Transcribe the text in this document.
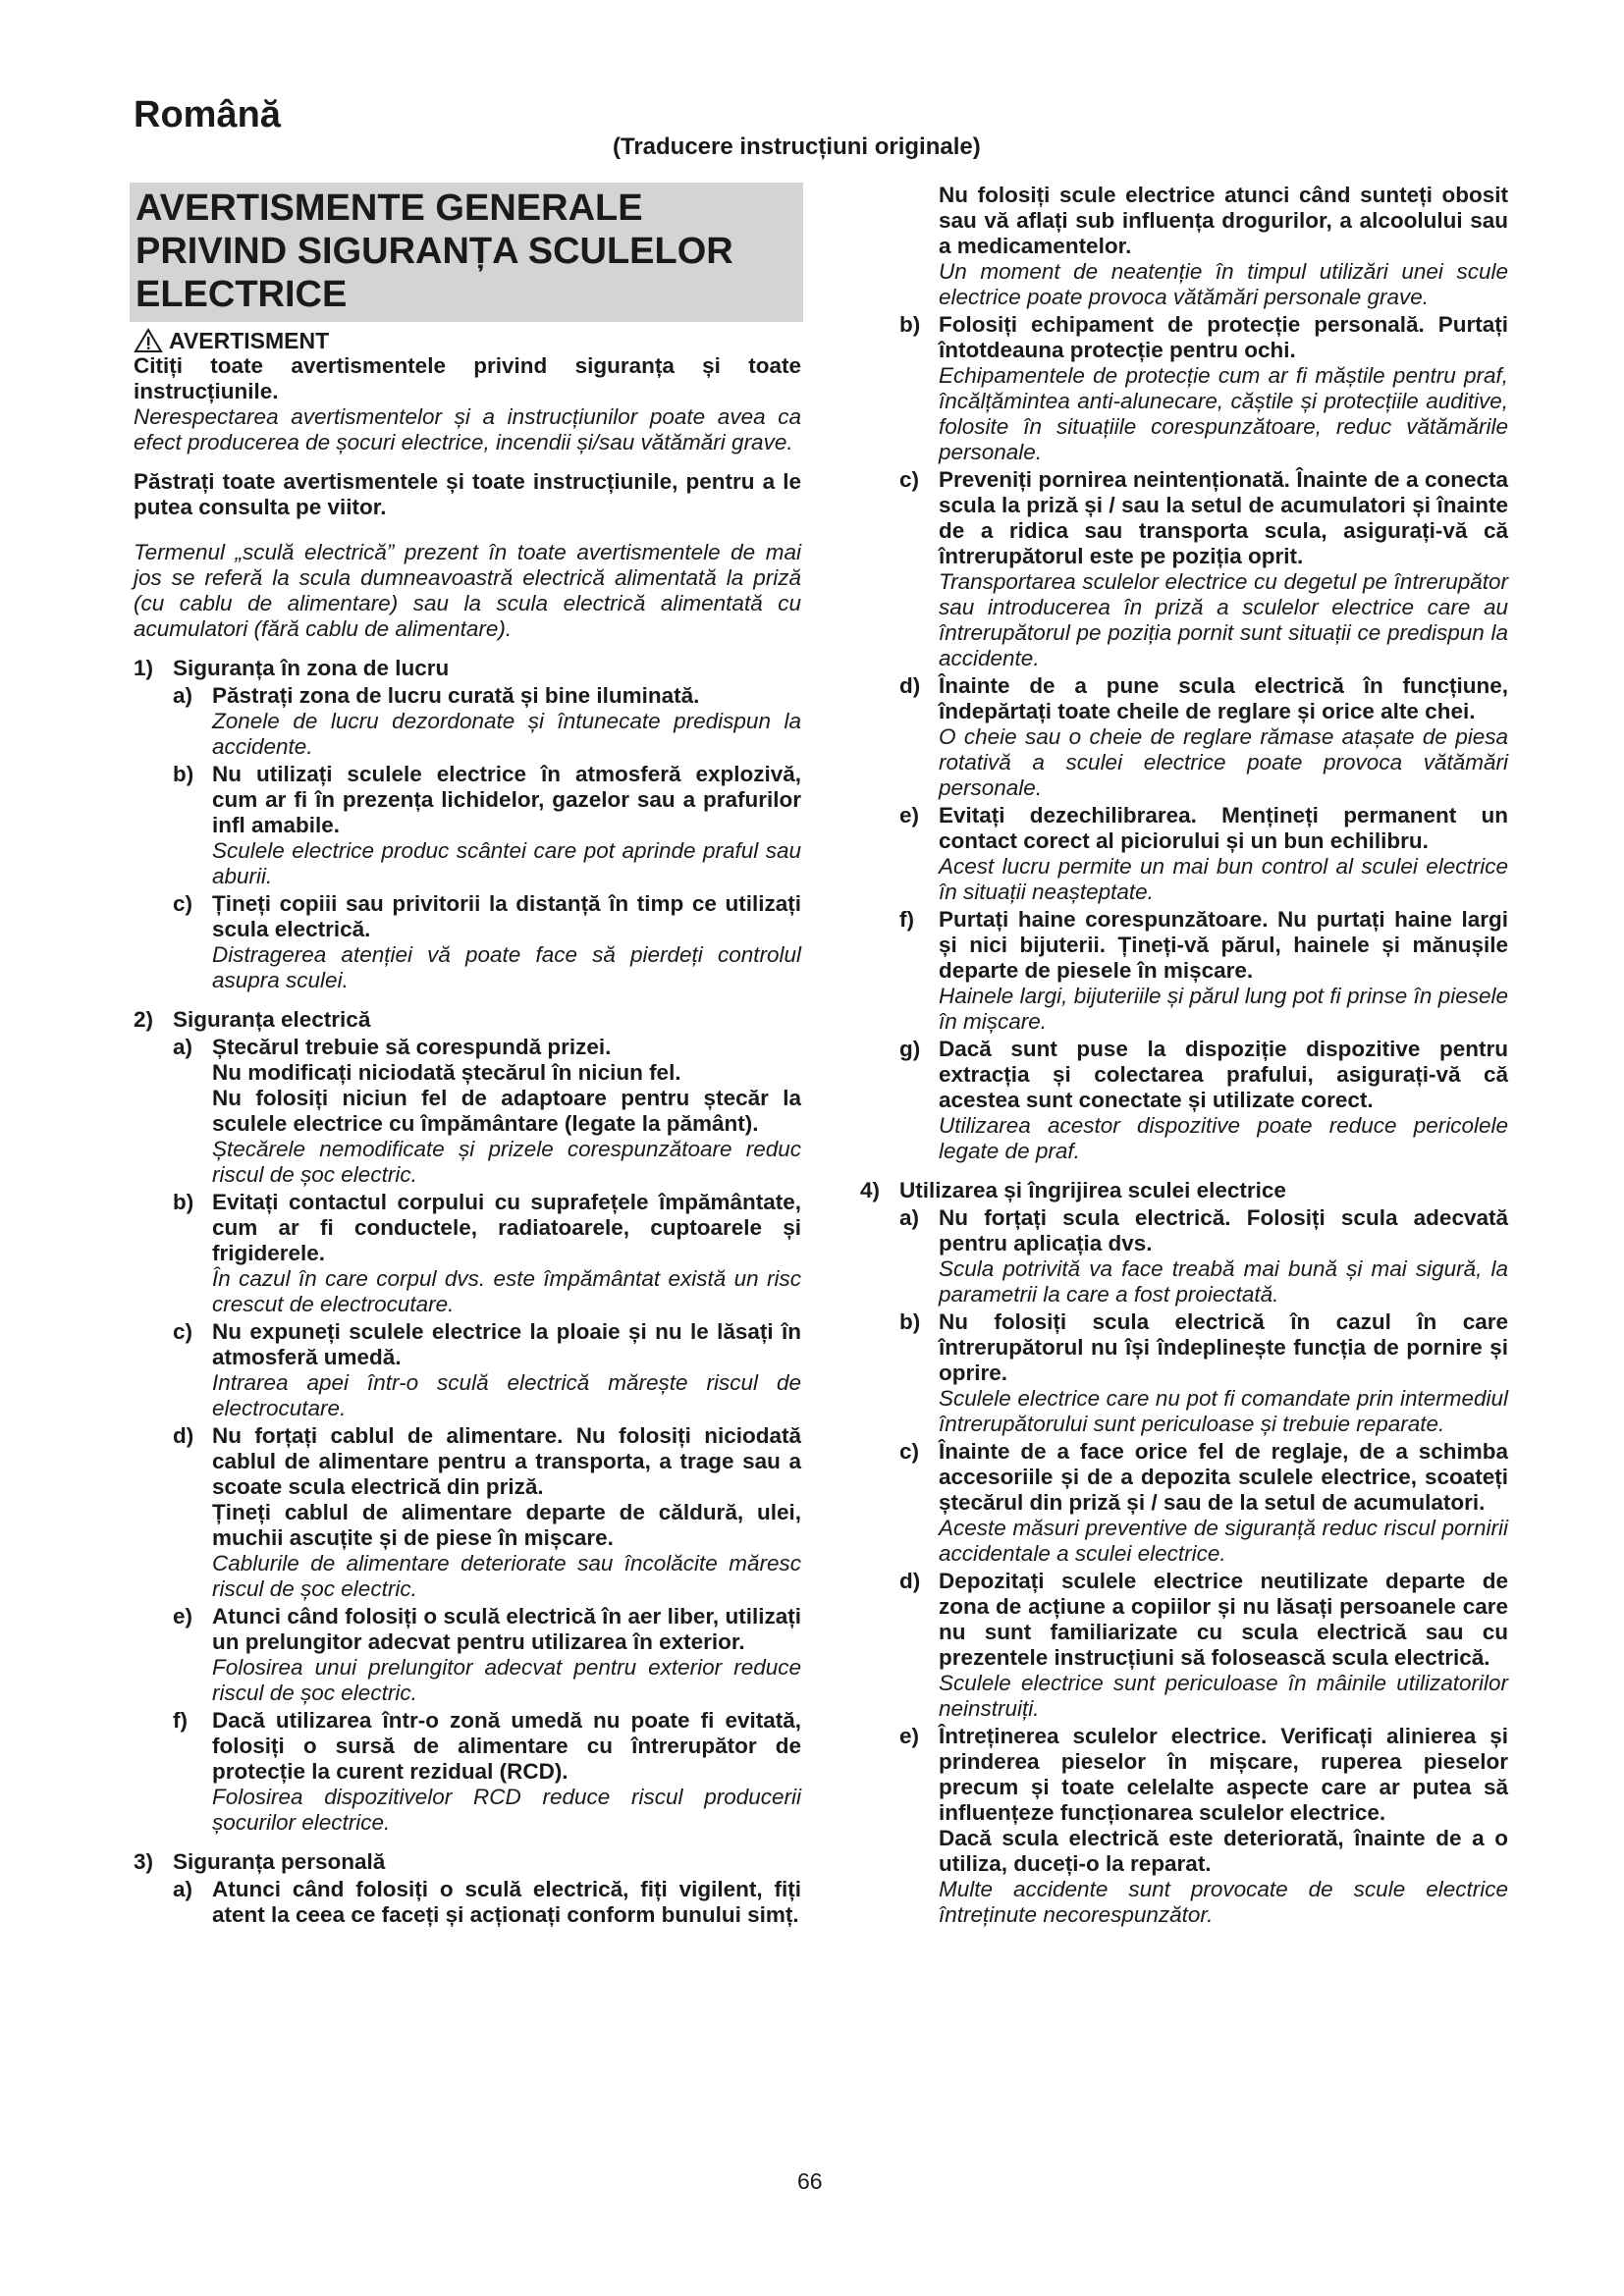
Română
(Traducere instrucțiuni originale)
AVERTISMENTE GENERALE PRIVIND SIGURANȚA SCULELOR ELECTRICE
AVERTISMENT

Citiți toate avertismentele privind siguranța și toate instrucțiunile.

Nerespectarea avertismentelor și a instrucțiunilor poate avea ca efect producerea de șocuri electrice, incendii și/sau vătămări grave.

Păstrați toate avertismentele și toate instrucțiunile, pentru a le putea consulta pe viitor.

Termenul „sculă electrică” prezent în toate avertismentele de mai jos se referă la scula dumneavoastră electrică alimentată la priză (cu cablu de alimentare) sau la scula electrică alimentată cu acumulatori (fără cablu de alimentare).

1) Siguranța în zona de lucru
a) Păstrați zona de lucru curată și bine iluminată.

Zonele de lucru dezordonate și întunecate predispun la accidente.

b) Nu utilizați sculele electrice în atmosferă explozivă, cum ar fi în prezența lichidelor, gazelor sau a prafurilor infl amabile.

Sculele electrice produc scântei care pot aprinde praful sau aburii.

c) Țineți copiii sau privitorii la distanță în timp ce utilizați scula electrică.

Distragerea atenției vă poate face să pierdeți controlul asupra sculei.

2) Siguranța electrică
a) Ștecărul trebuie să corespundă prizei.

Nu modificați niciodată ștecărul în niciun fel.

Nu folosiți niciun fel de adaptoare pentru ștecăr la sculele electrice cu împământare (legate la pământ).

Ștecărele nemodificate și prizele corespunzătoare reduc riscul de șoc electric.

b) Evitați contactul corpului cu suprafețele împământate, cum ar fi conductele, radiatoarele, cuptoarele și frigiderele.

În cazul în care corpul dvs. este împământat există un risc crescut de electrocutare.

c) Nu expuneți sculele electrice la ploaie și nu le lăsați în atmosferă umedă.

Intrarea apei într-o sculă electrică mărește riscul de electrocutare.

d) Nu forțați cablul de alimentare. Nu folosiți niciodată cablul de alimentare pentru a transporta, a trage sau a scoate scula electrică din priză.

Țineți cablul de alimentare departe de căldură, ulei, muchii ascuțite și de piese în mișcare.

Cablurile de alimentare deteriorate sau încolăcite măresc riscul de șoc electric.

e) Atunci când folosiți o sculă electrică în aer liber, utilizați un prelungitor adecvat pentru utilizarea în exterior.

Folosirea unui prelungitor adecvat pentru exterior reduce riscul de șoc electric.

f)	Dacă utilizarea într-o zonă umedă nu poate fi evitată, folosiți o sursă de alimentare cu întrerupător de protecție la curent rezidual (RCD).

Folosirea dispozitivelor RCD reduce riscul producerii șocurilor electrice.

3) Siguranța personală
a) Atunci când folosiți o sculă electrică, fiți vigilent, fiți atent la ceea ce faceți și acționați conform bunului simț.

Nu folosiți scule electrice atunci când sunteți obosit sau vă aflați sub influența drogurilor, a alcoolului sau a medicamentelor.

Un moment de neatenție în timpul utilizări unei scule electrice poate provoca vătămări personale grave.

b) Folosiți echipament de protecție personală. Purtați întotdeauna protecție pentru ochi.

Echipamentele de protecție cum ar fi măștile pentru praf, încălțămintea anti-alunecare, căștile și protecțiile auditive, folosite în situațiile corespunzătoare, reduc vătămările personale.

c) Preveniți pornirea neintenționată. Înainte de a conecta scula la priză și / sau la setul de acumulatori și înainte de a ridica sau transporta scula, asigurați-vă că întrerupătorul este pe poziția oprit.

Transportarea sculelor electrice cu degetul pe întrerupător sau introducerea în priză a sculelor electrice care au întrerupătorul pe poziția pornit sunt situații ce predispun la accidente.

d) Înainte de a pune scula electrică în funcțiune, îndepărtați toate cheile de reglare și orice alte chei.

O cheie sau o cheie de reglare rămase atașate de piesa rotativă a sculei electrice poate provoca vătămări personale.

e) Evitați dezechilibrarea. Mențineți permanent un contact corect al piciorului și un bun echilibru.

Acest lucru permite un mai bun control al sculei electrice în situații neașteptate.

f)	Purtați haine corespunzătoare. Nu purtați haine largi și nici bijuterii. Țineți-vă părul, hainele și mănușile departe de piesele în mișcare.

Hainele largi, bijuteriile și părul lung pot fi prinse în piesele în mișcare.

g) Dacă sunt puse la dispoziție dispozitive pentru extracția și colectarea prafului, asigurați-vă că acestea sunt conectate și utilizate corect.

Utilizarea acestor dispozitive poate reduce pericolele legate de praf.

4) Utilizarea și îngrijirea sculei electrice
a) Nu forțați scula electrică. Folosiți scula adecvată pentru aplicația dvs.

Scula potrivită va face treabă mai bună și mai sigură, la parametrii la care a fost proiectată.

b) Nu folosiți scula electrică în cazul în care întrerupătorul nu își îndeplinește funcția de pornire și oprire.

Sculele electrice care nu pot fi comandate prin intermediul întrerupătorului sunt periculoase și trebuie reparate.

c) Înainte de a face orice fel de reglaje, de a schimba accesoriile și de a depozita sculele electrice, scoateți ștecărul din priză și / sau de la setul de acumulatori.

Aceste măsuri preventive de siguranță reduc riscul pornirii accidentale a sculei electrice.

d) Depozitați sculele electrice neutilizate departe de zona de acțiune a copiilor și nu lăsați persoanele care nu sunt familiarizate cu scula electrică sau cu prezentele instrucțiuni să folosească scula electrică.

Sculele electrice sunt periculoase în mâinile utilizatorilor neinstruiți.

e) Întreținerea sculelor electrice. Verificați alinierea și prinderea pieselor în mișcare, ruperea pieselor precum și toate celelalte aspecte care ar putea să influențeze funcționarea sculelor electrice.

Dacă scula electrică este deteriorată, înainte de a o utiliza, duceți-o la reparat.

Multe accidente sunt provocate de scule electrice întreținute necorespunzător.

66
